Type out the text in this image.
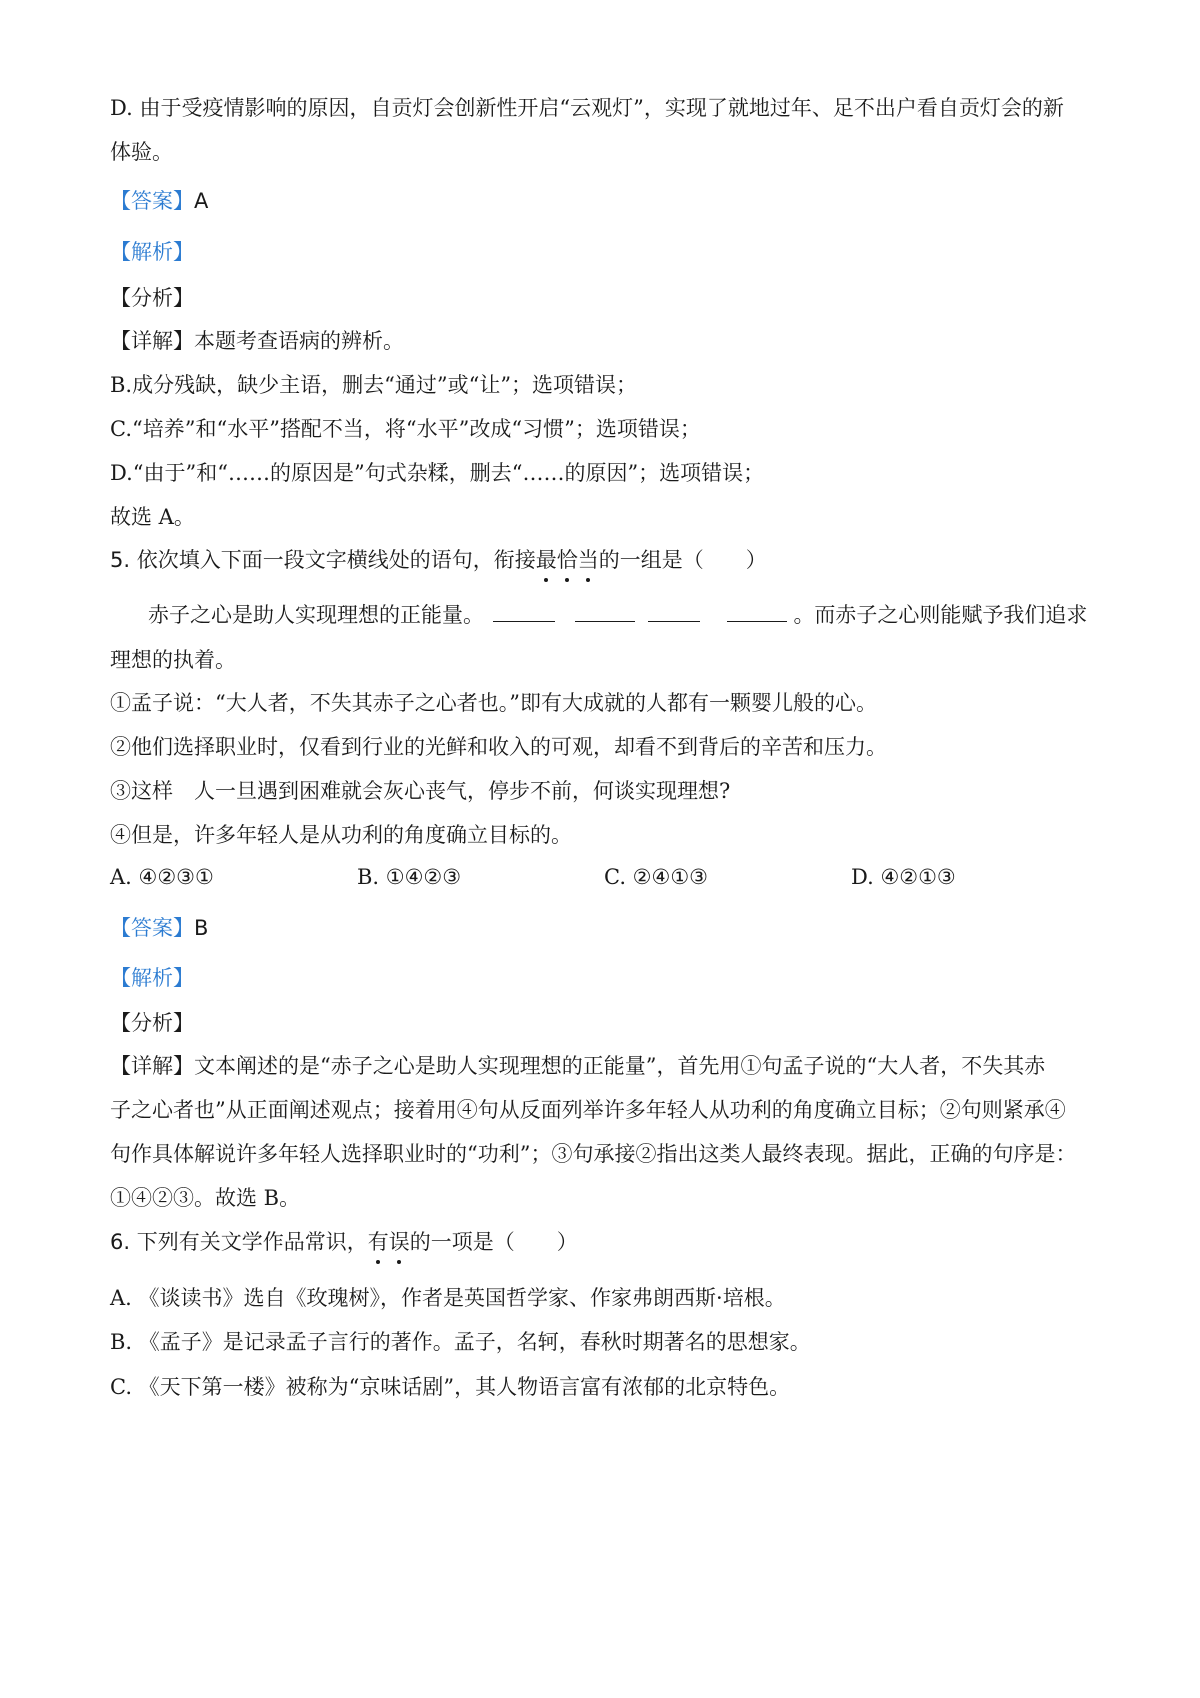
D. 由于受疫情影响的原因，自贡灯会创新性开启“云观灯”，实现了就地过年、足不出户看自贡灯会的新
体验。
【答案】A
【解析】
【分析】
【详解】本题考查语病的辨析。
B.成分残缺，缺少主语，删去“通过”或“让”；选项错误；
C.“培养”和“水平”搭配不当，将“水平”改成“习惯”；选项错误；
D.“由于”和“……的原因是”句式杂糅，删去“……的原因”；选项错误；
故选 A。
5. 依次填入下面一段文字横线处的语句，衔接最恰当的一组是（　　）
赤子之心是助人实现理想的正能量。	。而赤子之心则能赋予我们追求
理想的执着。
①孟子说：“大人者，不失其赤子之心者也。”即有大成就的人都有一颗婴儿般的心。
②他们选择职业时，仅看到行业的光鲜和收入的可观，却看不到背后的辛苦和压力。
③这样　人一旦遇到困难就会灰心丧气，停步不前，何谈实现理想?
④但是，许多年轻人是从功利的角度确立目标的。
A. ④②③①	B. ①④②③	C. ②④①③	D. ④②①③
【答案】B
【解析】
【分析】
【详解】文本阐述的是“赤子之心是助人实现理想的正能量”，首先用①句孟子说的“大人者，不失其赤
子之心者也”从正面阐述观点；接着用④句从反面列举许多年轻人从功利的角度确立目标；②句则紧承④
句作具体解说许多年轻人选择职业时的“功利”；③句承接②指出这类人最终表现。据此，正确的句序是：
①④②③。故选 B。
6. 下列有关文学作品常识，有误的一项是（　　）
A. 《谈读书》选自《玫瑰树》，作者是英国哲学家、作家弗朗西斯·培根。
B. 《孟子》是记录孟子言行的著作。孟子，名轲，春秋时期著名的思想家。
C. 《天下第一楼》被称为“京味话剧”，其人物语言富有浓郁的北京特色。
